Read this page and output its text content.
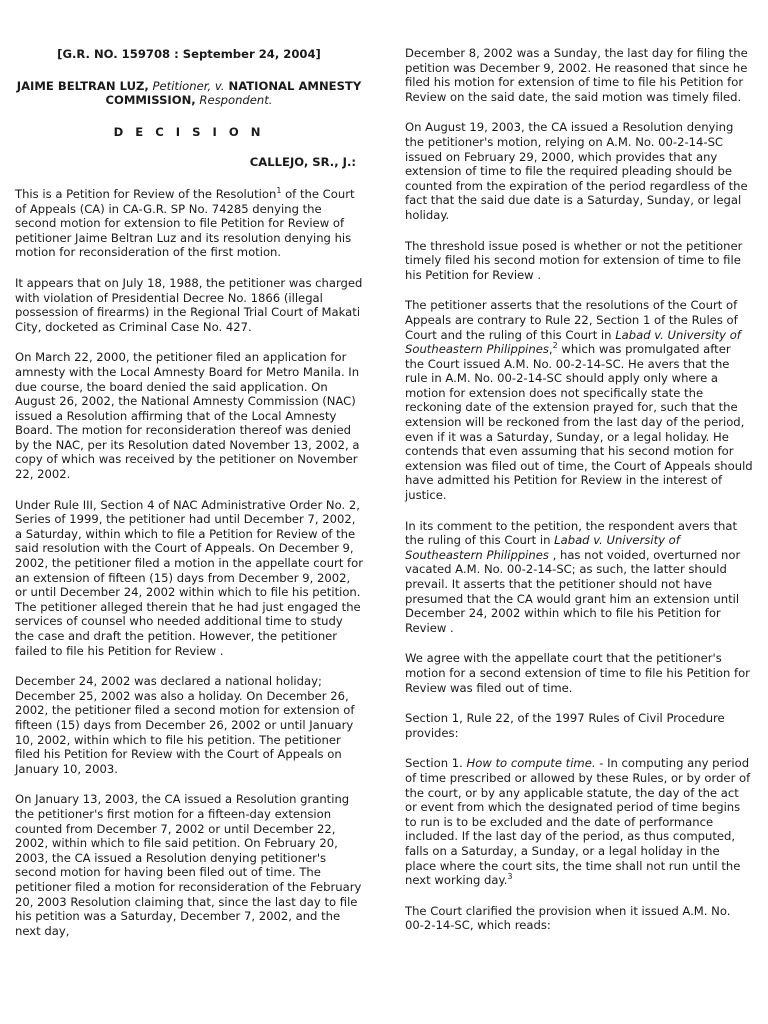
[G.R. NO. 159708 : September 24, 2004]
JAIME BELTRAN LUZ, Petitioner, v. NATIONAL AMNESTY COMMISSION, Respondent.
D E C I S I O N
CALLEJO, SR., J.:

This is a Petition for Review of the Resolution$^1$ of the Court of Appeals (CA) in CA-G.R. SP No. 74285 denying the second motion for extension to file Petition for Review of petitioner Jaime Beltran Luz and its resolution denying his motion for reconsideration of the first motion.

It appears that on July 18, 1988, the petitioner was charged with violation of Presidential Decree No. 1866 (illegal possession of firearms) in the Regional Trial Court of Makati City, docketed as Criminal Case No. 427.

On March 22, 2000, the petitioner filed an application for amnesty with the Local Amnesty Board for Metro Manila. In due course, the board denied the said application. On August 26, 2002, the National Amnesty Commission (NAC) issued a Resolution affirming that of the Local Amnesty Board. The motion for reconsideration thereof was denied by the NAC, per its Resolution dated November 13, 2002, a copy of which was received by the petitioner on November 22, 2002.

Under Rule III, Section 4 of NAC Administrative Order No. 2, Series of 1999, the petitioner had until December 7, 2002, a Saturday, within which to file a Petition for Review of the said resolution with the Court of Appeals. On December 9, 2002, the petitioner filed a motion in the appellate court for an extension of fifteen (15) days from December 9, 2002, or until December 24, 2002 within which to file his petition. The petitioner alleged therein that he had just engaged the services of counsel who needed additional time to study the case and draft the petition. However, the petitioner failed to file his Petition for Review .

December 24, 2002 was declared a national holiday; December 25, 2002 was also a holiday. On December 26, 2002, the petitioner filed a second motion for extension of fifteen (15) days from December 26, 2002 or until January 10, 2002, within which to file his petition. The petitioner filed his Petition for Review with the Court of Appeals on January 10, 2003.

On January 13, 2003, the CA issued a Resolution granting the petitioner's first motion for a fifteen-day extension counted from December 7, 2002 or until December 22, 2002, within which to file said petition. On February 20, 2003, the CA issued a Resolution denying petitioner's second motion for having been filed out of time. The petitioner filed a motion for reconsideration of the February 20, 2003 Resolution claiming that, since the last day to file his petition was a Saturday, December 7, 2002, and the next day,

December 8, 2002 was a Sunday, the last day for filing the petition was December 9, 2002. He reasoned that since he filed his motion for extension of time to file his Petition for Review on the said date, the said motion was timely filed.

On August 19, 2003, the CA issued a Resolution denying the petitioner's motion, relying on A.M. No. 00-2-14-SC issued on February 29, 2000, which provides that any extension of time to file the required pleading should be counted from the expiration of the period regardless of the fact that the said due date is a Saturday, Sunday, or legal holiday.

The threshold issue posed is whether or not the petitioner timely filed his second motion for extension of time to file his Petition for Review .

The petitioner asserts that the resolutions of the Court of Appeals are contrary to Rule 22, Section 1 of the Rules of Court and the ruling of this Court in Labad v. University of Southeastern Philippines,$^2$ which was promulgated after the Court issued A.M. No. 00-2-14-SC. He avers that the rule in A.M. No. 00-2-14-SC should apply only where a motion for extension does not specifically state the reckoning date of the extension prayed for, such that the extension will be reckoned from the last day of the period, even if it was a Saturday, Sunday, or a legal holiday. He contends that even assuming that his second motion for extension was filed out of time, the Court of Appeals should have admitted his Petition for Review in the interest of justice.

In its comment to the petition, the respondent avers that the ruling of this Court in Labad v. University of Southeastern Philippines , has not voided, overturned nor vacated A.M. No. 00-2-14-SC; as such, the latter should prevail. It asserts that the petitioner should not have presumed that the CA would grant him an extension until December 24, 2002 within which to file his Petition for Review .

We agree with the appellate court that the petitioner's motion for a second extension of time to file his Petition for Review was filed out of time.

Section 1, Rule 22, of the 1997 Rules of Civil Procedure provides:

Section 1. How to compute time. - In computing any period of time prescribed or allowed by these Rules, or by order of the court, or by any applicable statute, the day of the act or event from which the designated period of time begins to run is to be excluded and the date of performance included. If the last day of the period, as thus computed, falls on a Saturday, a Sunday, or a legal holiday in the place where the court sits, the time shall not run until the next working day.$^3$

The Court clarified the provision when it issued A.M. No. 00-2-14-SC, which reads:
